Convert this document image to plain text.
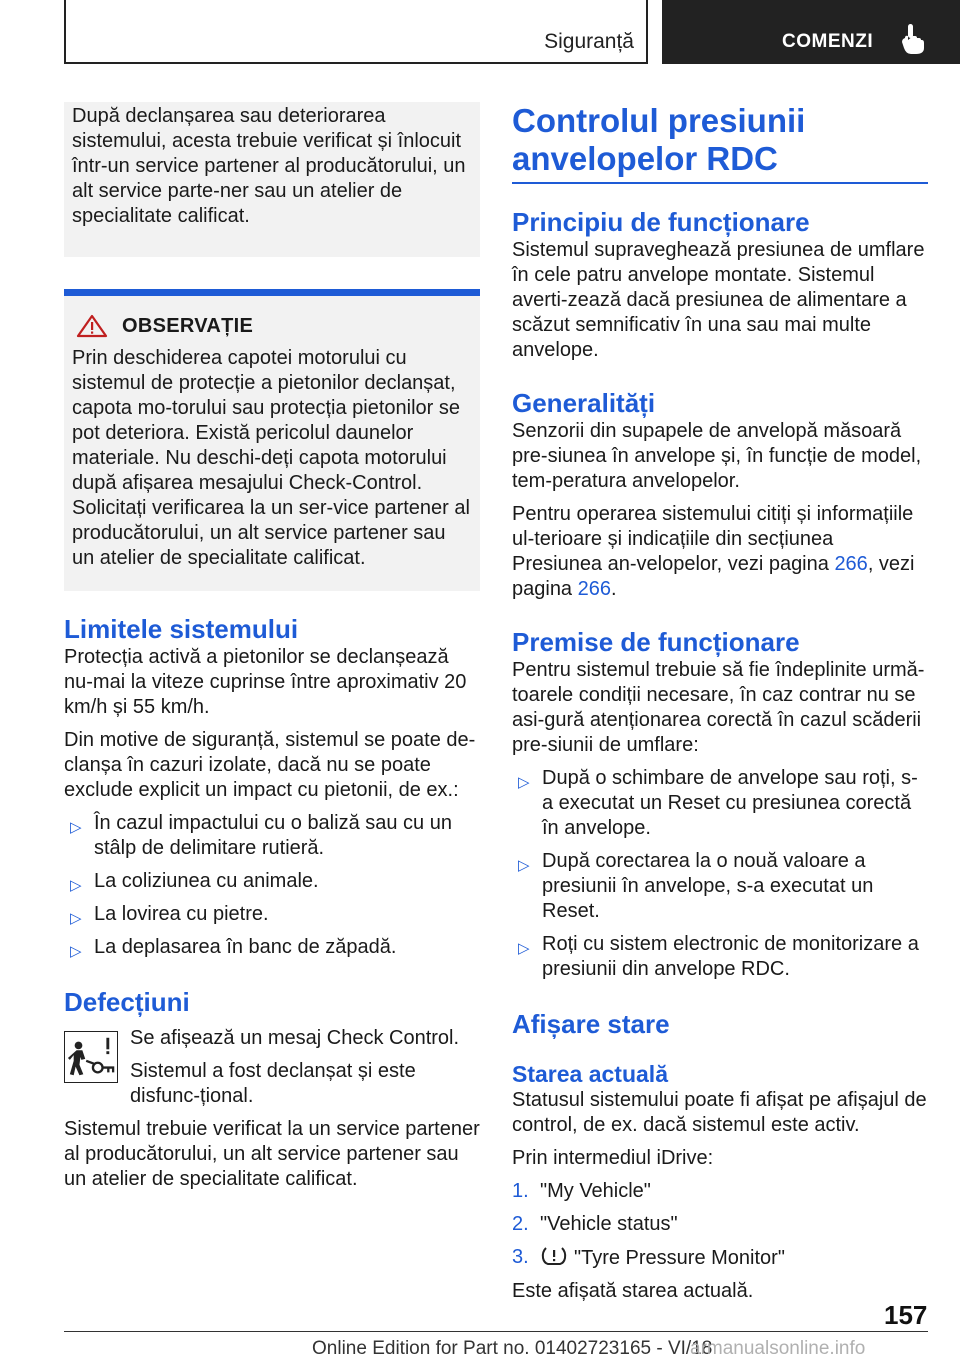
Siguranță	COMENZI

După declanșarea sau deteriorarea sistemului, acesta trebuie verificat și înlocuit într-un service partener al producătorului, un alt service parte-ner sau un atelier de specialitate calificat.

OBSERVAȚIE

Prin deschiderea capotei motorului cu sistemul de protecție a pietonilor declanșat, capota mo-torului sau protecția pietonilor se pot deteriora. Există pericolul daunelor materiale. Nu deschi-deți capota motorului după afișarea mesajului Check-Control. Solicitați verificarea la un ser-vice partener al producătorului, un alt service partener sau un atelier de specialitate calificat.

Limitele sistemului

Protecția activă a pietonilor se declanșează nu-mai la viteze cuprinse între aproximativ 20 km/h și 55 km/h.

Din motive de siguranță, sistemul se poate de-clanșa în cazuri izolate, dacă nu se poate exclude explicit un impact cu pietonii, de ex.:

▷ În cazul impactului cu o baliză sau cu un stâlp de delimitare rutieră.
▷ La coliziunea cu animale.
▷ La lovirea cu pietre.
▷ La deplasarea în banc de zăpadă.
Defecțiuni

Se afișează un mesaj Check Control.

Sistemul a fost declanșat și este disfunc-țional.

Sistemul trebuie verificat la un service partener al producătorului, un alt service partener sau un atelier de specialitate calificat.

Controlul presiunii anvelopelor RDC
Principiu de funcționare

Sistemul supraveghează presiunea de umflare în cele patru anvelope montate. Sistemul averti-zează dacă presiunea de alimentare a scăzut semnificativ în una sau mai multe anvelope.

Generalități

Senzorii din supapele de anvelopă măsoară pre-siunea în anvelope și, în funcție de model, tem-peratura anvelopelor.

Pentru operarea sistemului citiți și informațiile ul-terioare și indicațiile din secțiunea Presiunea an-velopelor, vezi pagina 266, vezi pagina 266.

Premise de funcționare

Pentru sistemul trebuie să fie îndeplinite urmă-toarele condiții necesare, în caz contrar nu se asi-gură atenționarea corectă în cazul scăderii pre-siunii de umflare:

▷ După o schimbare de anvelope sau roți, s-a executat un Reset cu presiunea corectă în anvelope.
▷ După corectarea la o nouă valoare a presiunii în anvelope, s-a executat un Reset.
▷ Roți cu sistem electronic de monitorizare a presiunii din anvelope RDC.
Afișare stare
Starea actuală

Statusul sistemului poate fi afișat pe afișajul de control, de ex. dacă sistemul este activ.

Prin intermediul iDrive:

1. "My Vehicle"
2. "Vehicle status"
3. "Tyre Pressure Monitor"

Este afișată starea actuală.

157
Online Edition for Part no. 01402723165 - VI/18
armanualsonline.info
